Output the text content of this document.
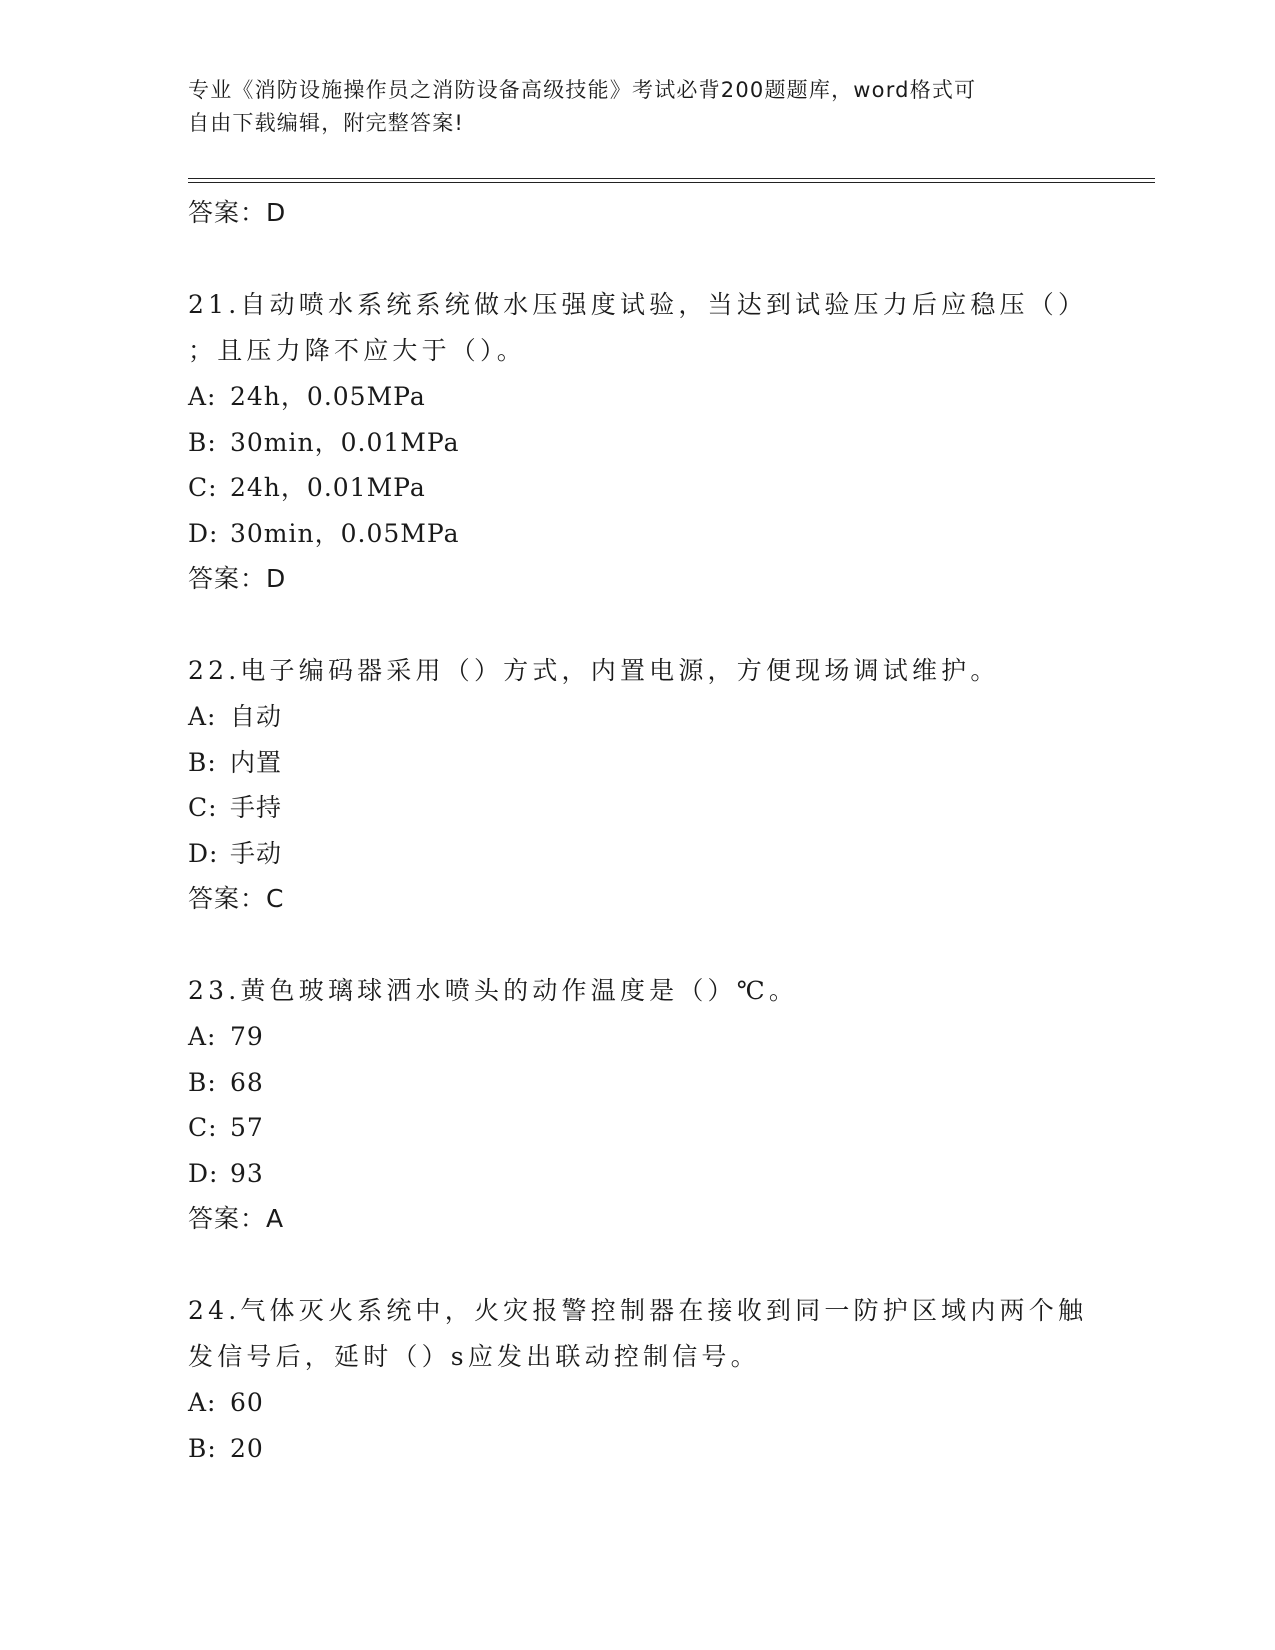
专业《消防设施操作员之消防设备高级技能》考试必背200题题库，word格式可
自由下载编辑，附完整答案!
答案：D
21.自动喷水系统系统做水压强度试验，当达到试验压力后应稳压（）
；且压力降不应大于（）。
A: 24h，0.05MPa
B: 30min，0.01MPa
C: 24h，0.01MPa
D: 30min，0.05MPa
答案：D
22.电子编码器采用（）方式，内置电源，方便现场调试维护。
A: 自动
B: 内置
C: 手持
D: 手动
答案：C
23.黄色玻璃球洒水喷头的动作温度是（）℃。
A: 79
B: 68
C: 57
D: 93
答案：A
24.气体灭火系统中，火灾报警控制器在接收到同一防护区域内两个触
发信号后，延时（）s应发出联动控制信号。
A: 60
B: 20
